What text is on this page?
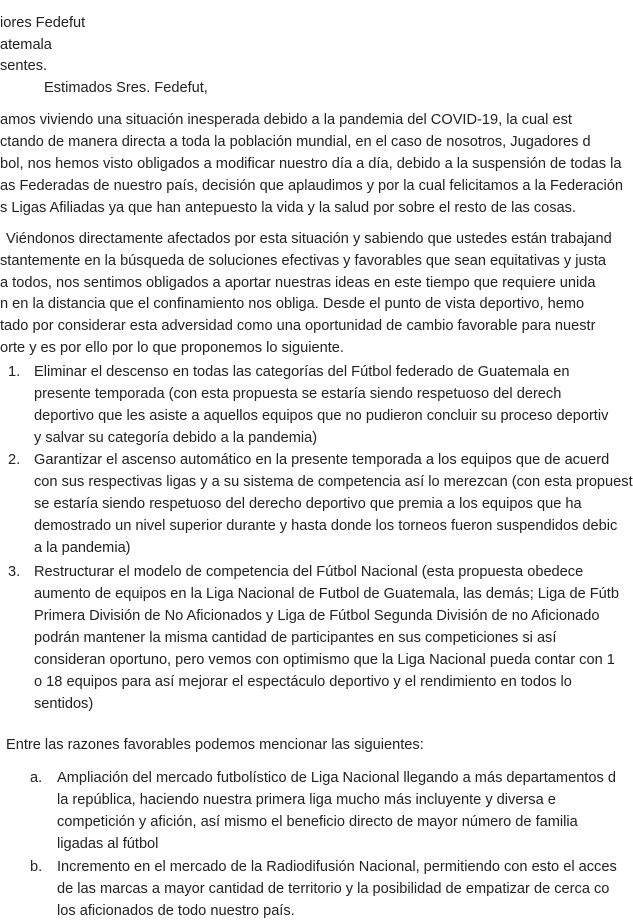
iores Fedefut
atemala
sentes.
Estimados Sres. Fedefut,
amos viviendo una situación inesperada debido a la pandemia del COVID-19, la cual est
ctando de manera directa a toda la población mundial, en el caso de nosotros, Jugadores d
bol, nos hemos visto obligados a modificar nuestro día a día, debido a la suspensión de todas la
as Federadas de nuestro país, decisión que aplaudimos y por la cual felicitamos a la Federación
s Ligas Afiliadas ya que han antepuesto la vida y la salud por sobre el resto de las cosas.
Viéndonos directamente afectados por esta situación y sabiendo que ustedes están trabajand
stantemente en la búsqueda de soluciones efectivas y favorables que sean equitativas y justa
a todos, nos sentimos obligados a aportar nuestras ideas en este tiempo que requiere unida
n en la distancia que el confinamiento nos obliga. Desde el punto de vista deportivo, hemo
tado por considerar esta adversidad como una oportunidad de cambio favorable para nuestr
orte y es por ello por lo que proponemos lo siguiente.
1. Eliminar el descenso en todas las categorías del Fútbol federado de Guatemala en
presente temporada (con esta propuesta se estaría siendo respetuoso del derech
deportivo que les asiste a aquellos equipos que no pudieron concluir su proceso deportiv
y salvar su categoría debido a la pandemia)
2. Garantizar el ascenso automático en la presente temporada a los equipos que de acuerd
con sus respectivas ligas y a su sistema de competencia así lo merezcan (con esta propuest
se estaría siendo respetuoso del derecho deportivo que premia a los equipos que ha
demostrado un nivel superior durante y hasta donde los torneos fueron suspendidos debic
a la pandemia)
3. Restructurar el modelo de competencia del Fútbol Nacional (esta propuesta obedece
aumento de equipos en la Liga Nacional de Futbol de Guatemala, las demás; Liga de Fútb
Primera División de No Aficionados y Liga de Fútbol Segunda División de no Aficionado
podrán mantener la misma cantidad de participantes en sus competiciones si así
consideran oportuno, pero vemos con optimismo que la Liga Nacional pueda contar con 1
o 18 equipos para así mejorar el espectáculo deportivo y el rendimiento en todos lo
sentidos)
Entre las razones favorables podemos mencionar las siguientes:
a. Ampliación del mercado futbolístico de Liga Nacional llegando a más departamentos d
la república, haciendo nuestra primera liga mucho más incluyente y diversa e
competición y afición, así mismo el beneficio directo de mayor número de familia
ligadas al fútbol
b. Incremento en el mercado de la Radiodifusión Nacional, permitiendo con esto el acces
de las marcas a mayor cantidad de territorio y la posibilidad de empatizar de cerca co
los aficionados de todo nuestro país.
